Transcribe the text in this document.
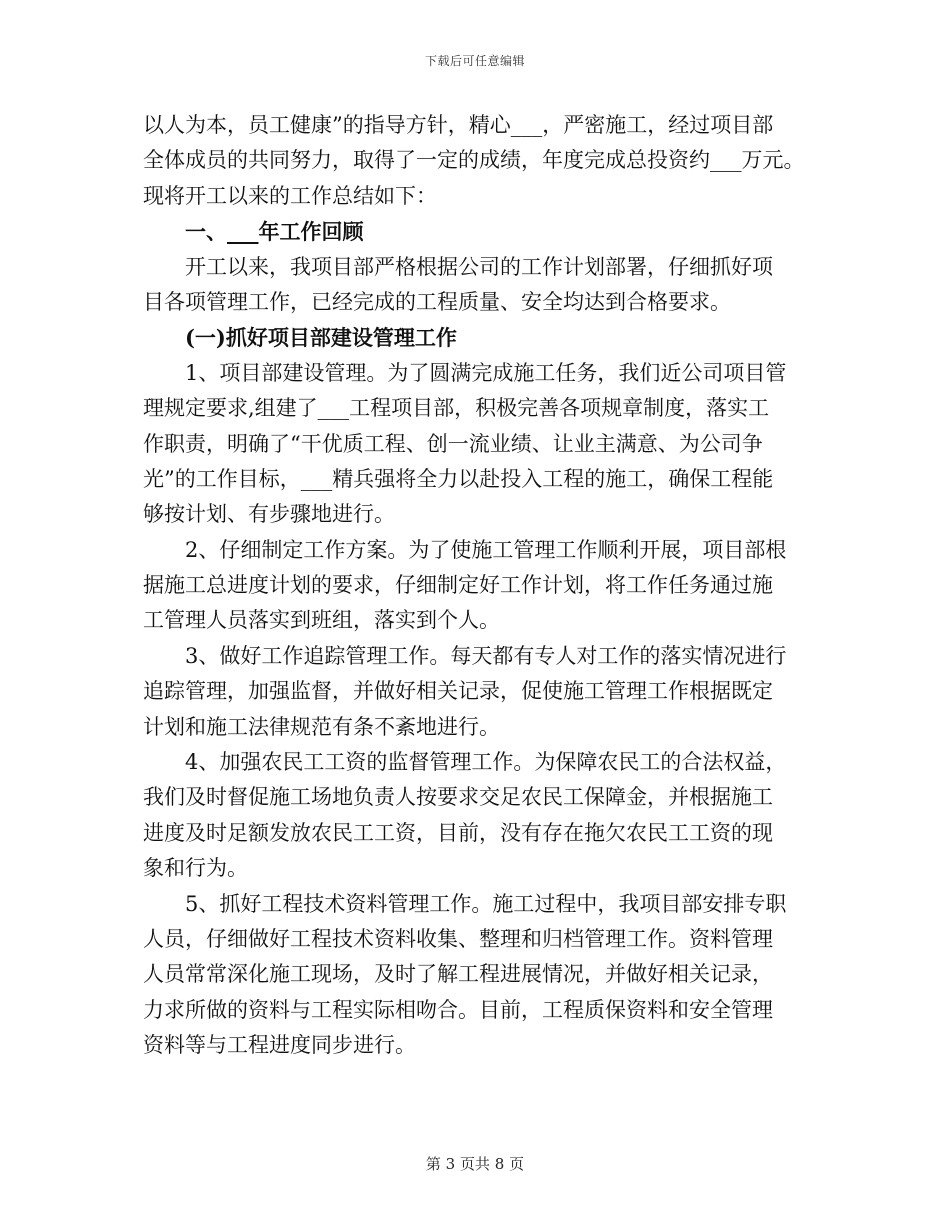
下载后可任意编辑
以人为本，员工健康”的指导方针，精心___，严密施工，经过项目部
全体成员的共同努力，取得了一定的成绩，年度完成总投资约___万元。
现将开工以来的工作总结如下：
一、___年工作回顾
开工以来，我项目部严格根据公司的工作计划部署，仔细抓好项
目各项管理工作，已经完成的工程质量、安全均达到合格要求。
(一)抓好项目部建设管理工作
1、项目部建设管理。为了圆满完成施工任务，我们近公司项目管
理规定要求,组建了___工程项目部，积极完善各项规章制度，落实工
作职责，明确了“干优质工程、创一流业绩、让业主满意、为公司争
光”的工作目标，___精兵强将全力以赴投入工程的施工，确保工程能
够按计划、有步骤地进行。
2、仔细制定工作方案。为了使施工管理工作顺利开展，项目部根
据施工总进度计划的要求，仔细制定好工作计划，将工作任务通过施
工管理人员落实到班组，落实到个人。
3、做好工作追踪管理工作。每天都有专人对工作的落实情况进行
追踪管理，加强监督，并做好相关记录，促使施工管理工作根据既定
计划和施工法律规范有条不紊地进行。
4、加强农民工工资的监督管理工作。为保障农民工的合法权益，
我们及时督促施工场地负责人按要求交足农民工保障金，并根据施工
进度及时足额发放农民工工资，目前，没有存在拖欠农民工工资的现
象和行为。
5、抓好工程技术资料管理工作。施工过程中，我项目部安排专职
人员，仔细做好工程技术资料收集、整理和归档管理工作。资料管理
人员常常深化施工现场，及时了解工程进展情况，并做好相关记录，
力求所做的资料与工程实际相吻合。目前，工程质保资料和安全管理
资料等与工程进度同步进行。
第 3 页共 8 页
